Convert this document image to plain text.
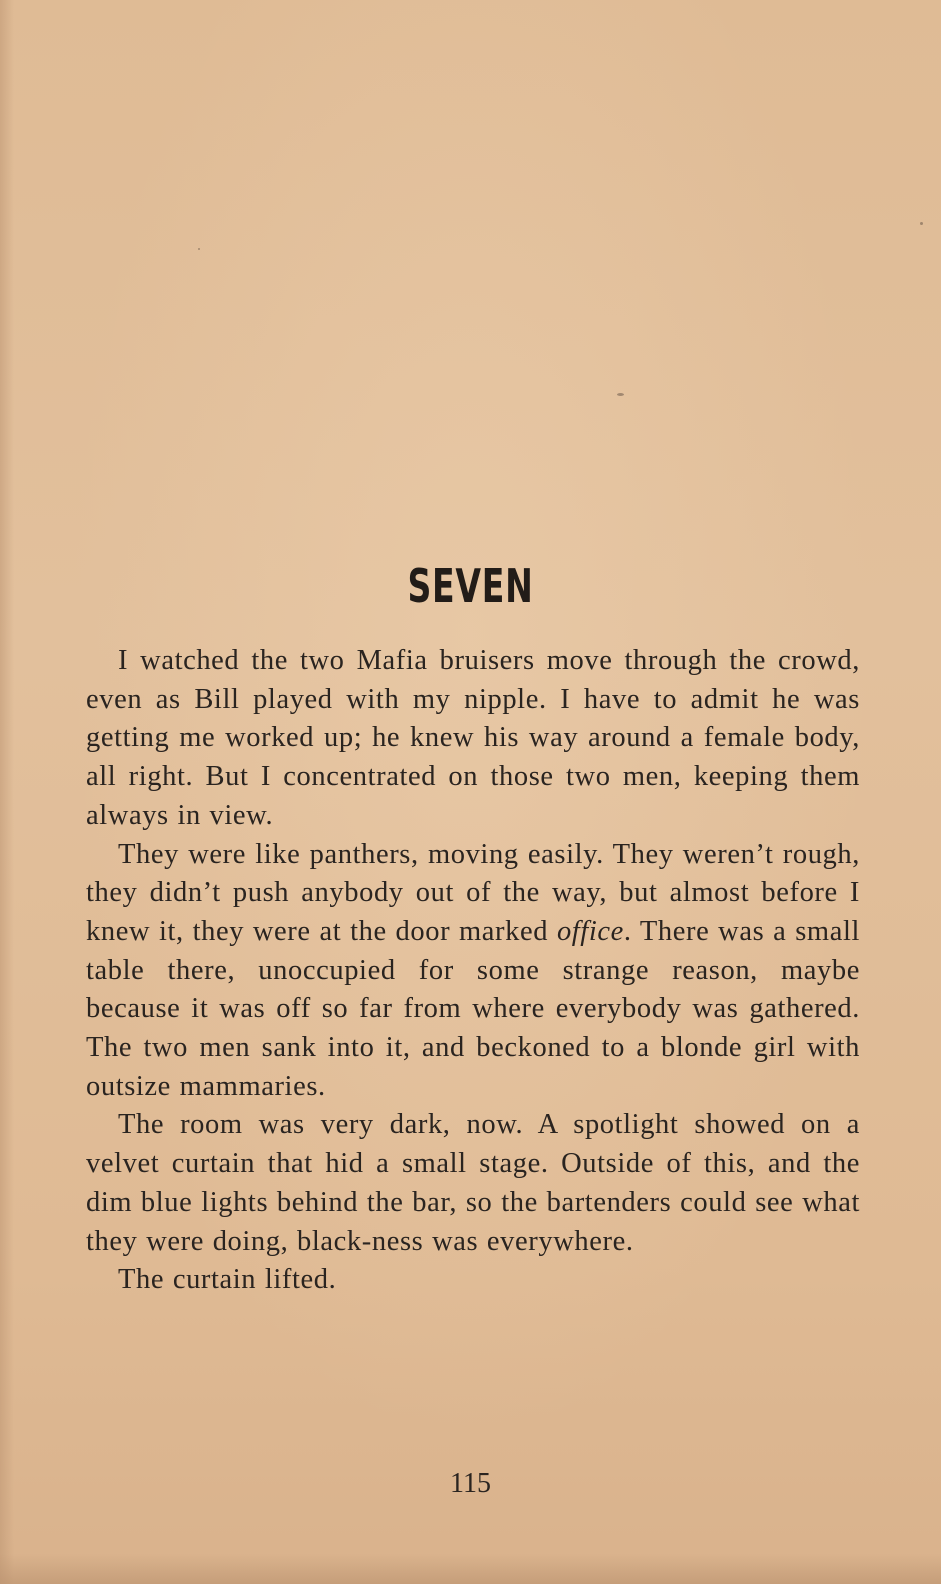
SEVEN

I watched the two Mafia bruisers move through the crowd, even as Bill played with my nipple. I have to admit he was getting me worked up; he knew his way around a female body, all right. But I concentrated on those two men, keeping them always in view.

They were like panthers, moving easily. They weren’t rough, they didn’t push anybody out of the way, but almost before I knew it, they were at the door marked office. There was a small table there, unoccupied for some strange reason, maybe because it was off so far from where everybody was gathered. The two men sank into it, and beckoned to a blonde girl with outsize mammaries.

The room was very dark, now. A spotlight showed on a velvet curtain that hid a small stage. Outside of this, and the dim blue lights behind the bar, so the bartenders could see what they were doing, black-ness was everywhere.

The curtain lifted.

115
